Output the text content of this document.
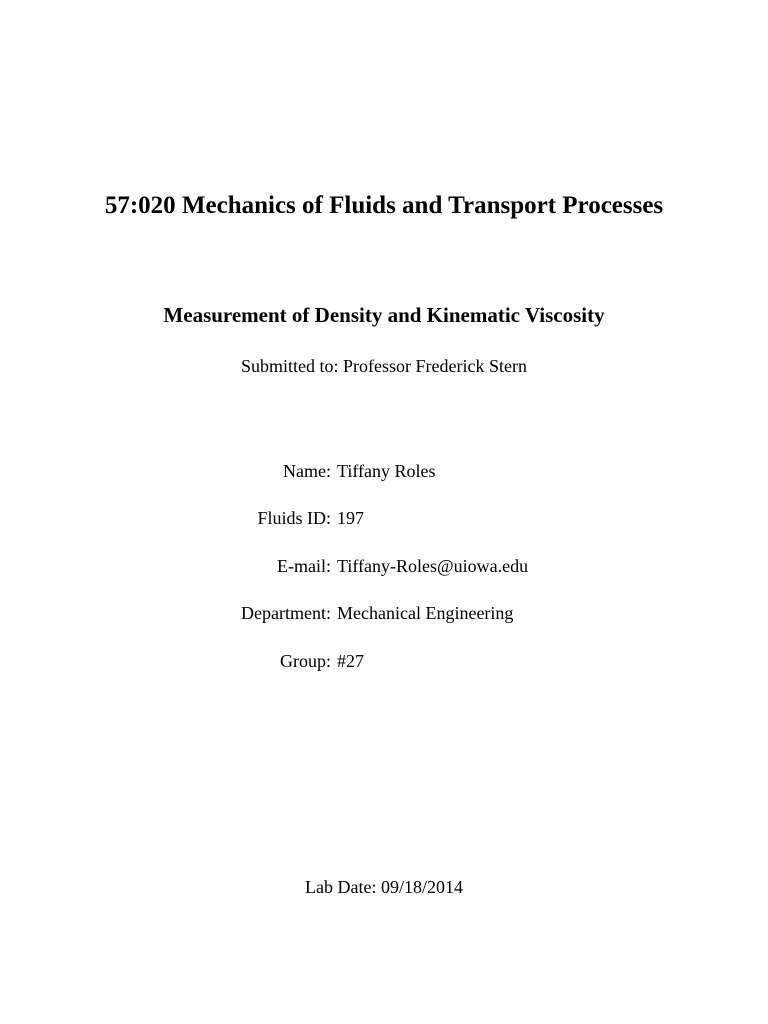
57:020 Mechanics of Fluids and Transport Processes
Measurement of Density and Kinematic Viscosity
Submitted to: Professor Frederick Stern
Name: Tiffany Roles
Fluids ID: 197
E-mail: Tiffany-Roles@uiowa.edu
Department: Mechanical Engineering
Group: #27
Lab Date: 09/18/2014
